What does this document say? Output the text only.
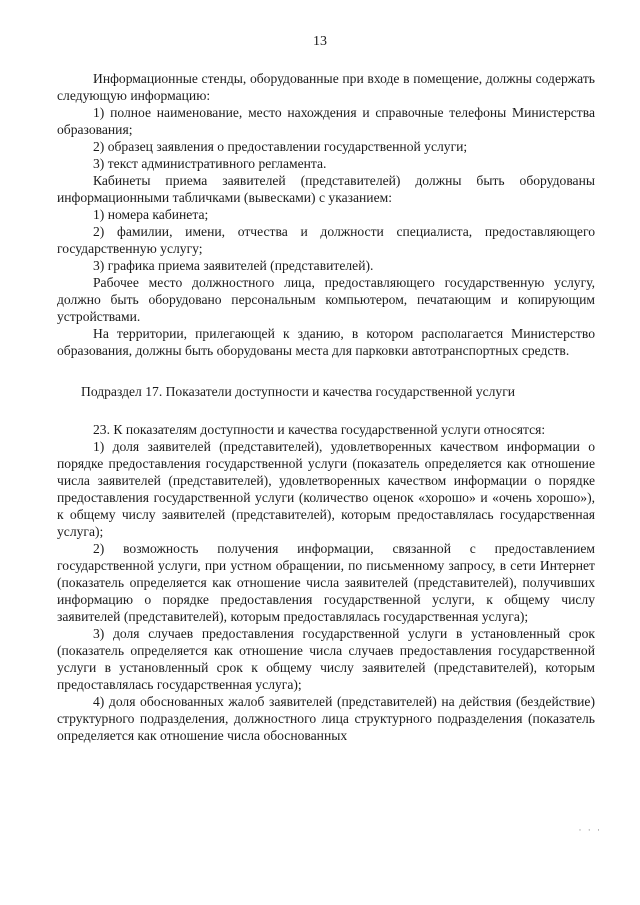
13

Информационные стенды, оборудованные при входе в помещение, должны содержать следующую информацию:

1) полное наименование, место нахождения и справочные телефоны Министерства образования;

2) образец заявления о предоставлении государственной услуги;

3) текст административного регламента.

Кабинеты приема заявителей (представителей) должны быть оборудованы информационными табличками (вывесками) с указанием:

1) номера кабинета;

2) фамилии, имени, отчества и должности специалиста, предоставляющего государственную услугу;

3) графика приема заявителей (представителей).

Рабочее место должностного лица, предоставляющего государственную услугу, должно быть оборудовано персональным компьютером, печатающим и копирующим устройствами.

На территории, прилегающей к зданию, в котором располагается Министерство образования, должны быть оборудованы места для парковки автотранспортных средств.

Подраздел 17. Показатели доступности и качества государственной услуги

23. К показателям доступности и качества государственной услуги относятся:

1) доля заявителей (представителей), удовлетворенных качеством информации о порядке предоставления государственной услуги (показатель определяется как отношение числа заявителей (представителей), удовлетворенных качеством информации о порядке предоставления государственной услуги (количество оценок «хорошо» и «очень хорошо»), к общему числу заявителей (представителей), которым предоставлялась государственная услуга);

2) возможность получения информации, связанной с предоставлением государственной услуги, при устном обращении, по письменному запросу, в сети Интернет (показатель определяется как отношение числа заявителей (представителей), получивших информацию о порядке предоставления государственной услуги, к общему числу заявителей (представителей), которым предоставлялась государственная услуга);

3) доля случаев предоставления государственной услуги в установленный срок (показатель определяется как отношение числа случаев предоставления государственной услуги в установленный срок к общему числу заявителей (представителей), которым предоставлялась государственная услуга);

4) доля обоснованных жалоб заявителей (представителей) на действия (бездействие) структурного подразделения, должностного лица структурного подразделения (показатель определяется как отношение числа обоснованных

· · ·
